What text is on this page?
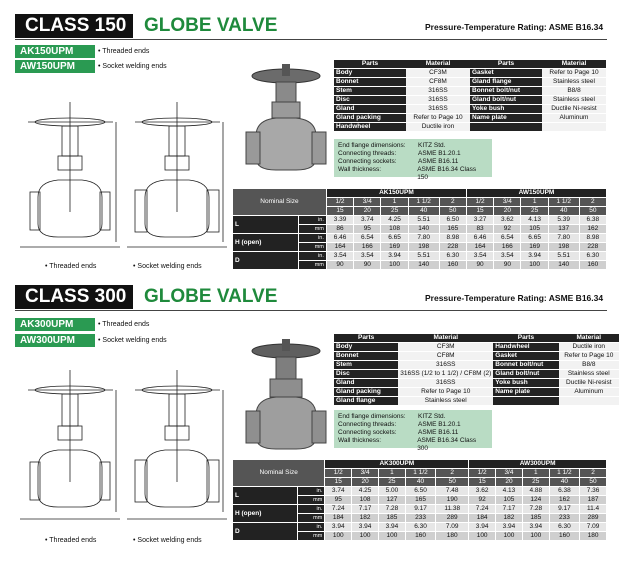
CLASS 150 GLOBE VALVE	Pressure-Temperature Rating: ASME B16.34
AK150UPM	• Threaded ends
AW150UPM	• Socket welding ends
• Threaded ends	• Socket welding ends
Parts	Material	Parts	Material
Body	CF3M	Gasket	Refer to Page 10
Bonnet	CF8M	Gland flange	Stainless steel
Stem	316SS	Bonnet bolt/nut	B8/8
Disc	316SS	Gland bolt/nut	Stainless steel
Gland	316SS	Yoke bush	Ductile Ni-resist
Gland packing	Refer to Page 10	Name plate	Aluminum
Handwheel	Ductile iron		
End flange dimensions:	KITZ Std.
Connecting threads:	ASME B1.20.1
Connecting sockets:	ASME B16.11
Wall thickness:	ASME B16.34 Class 150
Nominal Size		AK150UPM					AW150UPM				
		1/2	3/4	1	1 1/2	2	1/2	3/4	1	1 1/2	2
		15	20	25	40	50	15	20	25	40	50
L	in.	3.39	3.74	4.25	5.51	6.50	3.27	3.62	4.13	5.39	6.38
	mm	86	95	108	140	165	83	92	105	137	162
H (open)	in.	6.46	6.54	6.65	7.80	8.98	6.46	6.54	6.65	7.80	8.98
	mm	164	166	169	198	228	164	166	169	198	228
D	in.	3.54	3.54	3.94	5.51	6.30	3.54	3.54	3.94	5.51	6.30
	mm	90	90	100	140	160	90	90	100	140	160
CLASS 300 GLOBE VALVE	Pressure-Temperature Rating: ASME B16.34
AK300UPM	• Threaded ends
AW300UPM	• Socket welding ends
• Threaded ends	• Socket welding ends
Parts	Material	Parts	Material
Body	CF3M	Handwheel	Ductile iron
Bonnet	CF8M	Gasket	Refer to Page 10
Stem	316SS	Bonnet bolt/nut	B8/8
Disc	316SS (1/2 to 1 1/2) / CF8M (2)	Gland bolt/nut	Stainless steel
Gland	316SS	Yoke bush	Ductile Ni-resist
Gland packing	Refer to Page 10	Name plate	Aluminum
Gland flange	Stainless steel		
End flange dimensions:	KITZ Std.
Connecting threads:	ASME B1.20.1
Connecting sockets:	ASME B16.11
Wall thickness:	ASME B16.34 Class 300
Nominal Size		AK300UPM					AW300UPM				
		1/2	3/4	1	1 1/2	2	1/2	3/4	1	1 1/2	2
		15	20	25	40	50	15	20	25	40	50
L	in.	3.74	4.25	5.00	6.50	7.48	3.62	4.13	4.88	6.38	7.36
	mm	95	108	127	165	190	92	105	124	162	187
H (open)	in.	7.24	7.17	7.28	9.17	11.38	7.24	7.17	7.28	9.17	11.4
	mm	184	182	185	233	289	184	182	185	233	289
D	in.	3.94	3.94	3.94	6.30	7.09	3.94	3.94	3.94	6.30	7.09
	mm	100	100	100	160	180	100	100	100	160	180
